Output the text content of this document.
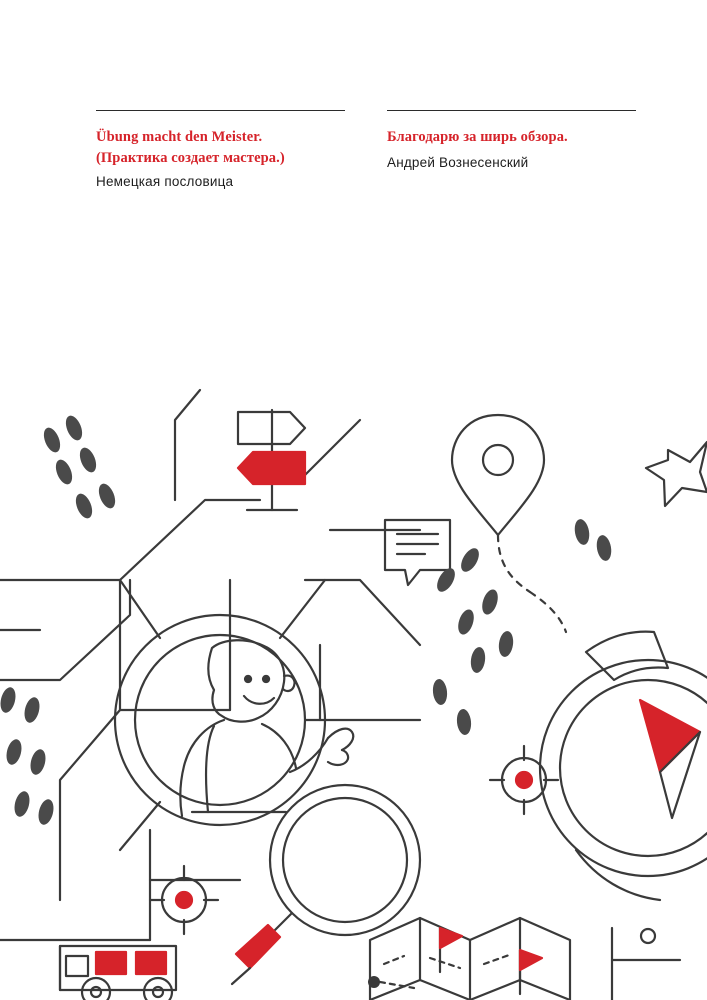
Übung macht den Meister.
(Практика создает мастера.)
Немецкая пословица
Благодарю за ширь обзора.
Андрей Вознесенский
